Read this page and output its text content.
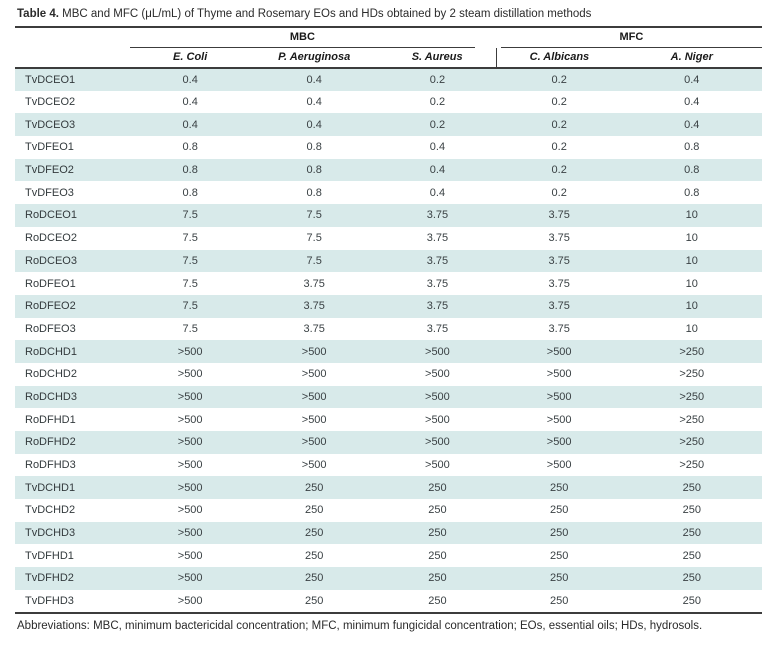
Table 4. MBC and MFC (μL/mL) of Thyme and Rosemary EOs and HDs obtained by 2 steam distillation methods

	MBC			MFC	

	E. Coli	P. Aeruginosa	S. Aureus	C. Albicans	A. Niger
TvDCEO1	0.4	0.4	0.2	0.2	0.4
TvDCEO2	0.4	0.4	0.2	0.2	0.4
TvDCEO3	0.4	0.4	0.2	0.2	0.4
TvDFEO1	0.8	0.8	0.4	0.2	0.8
TvDFEO2	0.8	0.8	0.4	0.2	0.8
TvDFEO3	0.8	0.8	0.4	0.2	0.8
RoDCEO1	7.5	7.5	3.75	3.75	10
RoDCEO2	7.5	7.5	3.75	3.75	10
RoDCEO3	7.5	7.5	3.75	3.75	10
RoDFEO1	7.5	3.75	3.75	3.75	10
RoDFEO2	7.5	3.75	3.75	3.75	10
RoDFEO3	7.5	3.75	3.75	3.75	10
RoDCHD1	>500	>500	>500	>500	>250
RoDCHD2	>500	>500	>500	>500	>250
RoDCHD3	>500	>500	>500	>500	>250
RoDFHD1	>500	>500	>500	>500	>250
RoDFHD2	>500	>500	>500	>500	>250
RoDFHD3	>500	>500	>500	>500	>250
TvDCHD1	>500	250	250	250	250
TvDCHD2	>500	250	250	250	250
TvDCHD3	>500	250	250	250	250
TvDFHD1	>500	250	250	250	250
TvDFHD2	>500	250	250	250	250
TvDFHD3	>500	250	250	250	250
Abbreviations: MBC, minimum bactericidal concentration; MFC, minimum fungicidal concentration; EOs, essential oils; HDs, hydrosols.
